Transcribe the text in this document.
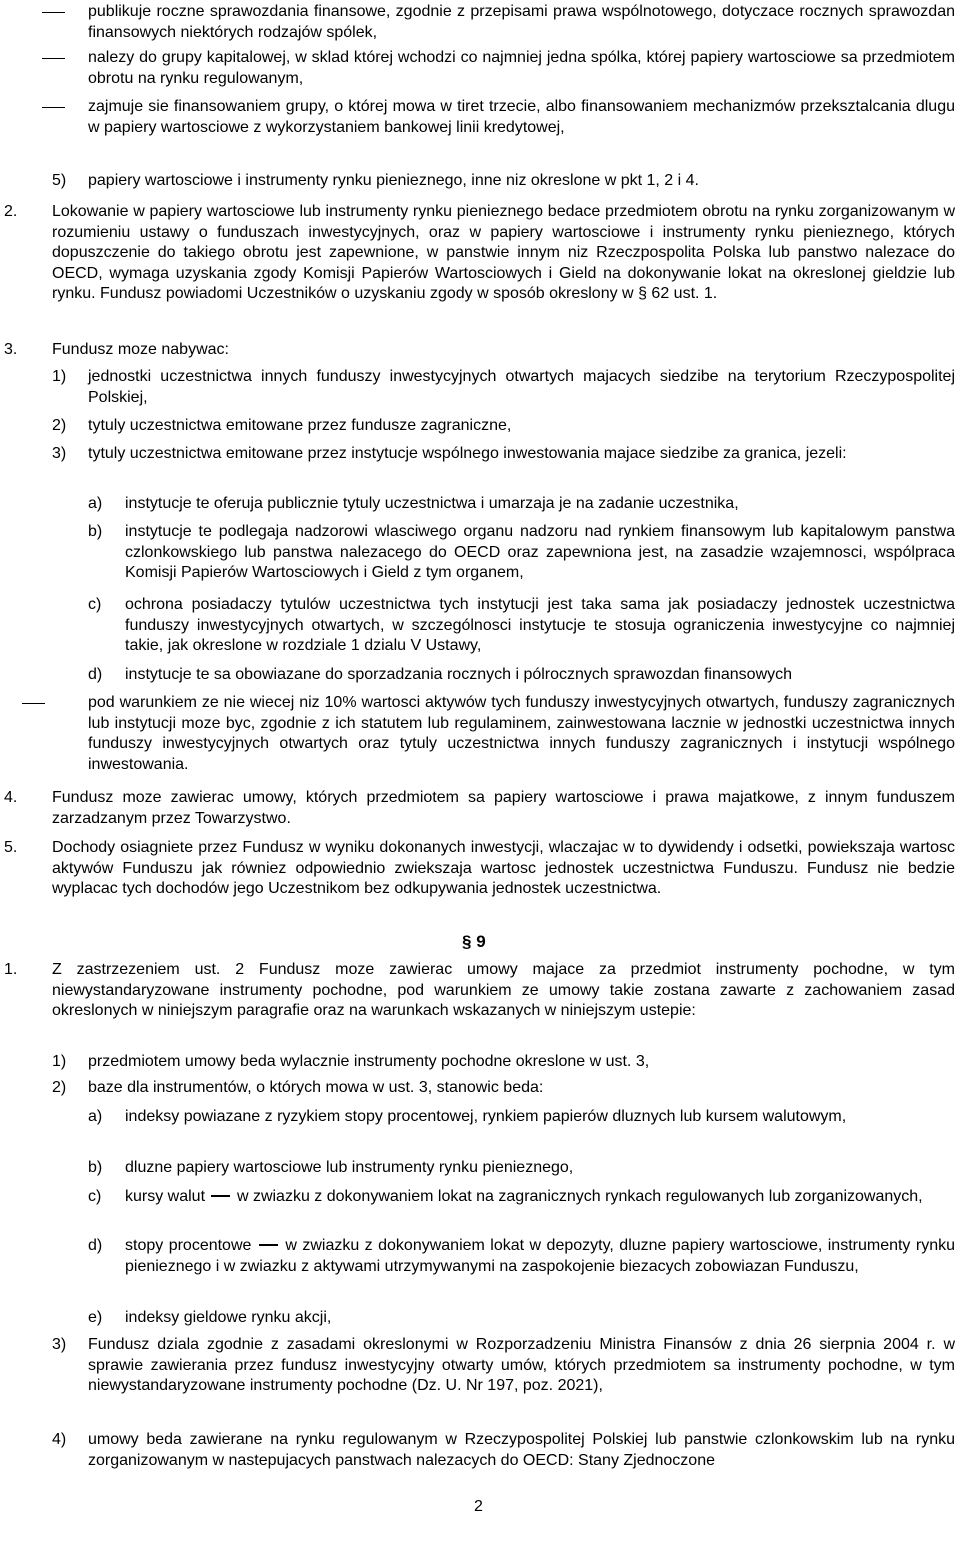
publikuje roczne sprawozdania finansowe, zgodnie z przepisami prawa wspólnotowego, dotyczace rocznych sprawozdan finansowych niektórych rodzajów spólek,
nalezy do grupy kapitalowej, w sklad której wchodzi co najmniej jedna spólka, której papiery wartosciowe sa przedmiotem obrotu na rynku regulowanym,
zajmuje sie finansowaniem grupy, o której mowa w tiret trzecie, albo finansowaniem mechanizmów przeksztalcania dlugu w papiery wartosciowe z wykorzystaniem bankowej linii kredytowej,
5) papiery wartosciowe i instrumenty rynku pienieznego, inne niz okreslone w pkt 1, 2 i 4.
2. Lokowanie w papiery wartosciowe lub instrumenty rynku pienieznego bedace przedmiotem obrotu na rynku zorganizowanym w rozumieniu ustawy o funduszach inwestycyjnych, oraz w papiery wartosciowe i instrumenty rynku pienieznego, których dopuszczenie do takiego obrotu jest zapewnione, w panstwie innym niz Rzeczpospolita Polska lub panstwo nalezace do OECD, wymaga uzyskania zgody Komisji Papierów Wartosciowych i Gield na dokonywanie lokat na okreslonej gieldzie lub rynku. Fundusz powiadomi Uczestników o uzyskaniu zgody w sposób okreslony w § 62 ust. 1.
3. Fundusz moze nabywac:
1) jednostki uczestnictwa innych funduszy inwestycyjnych otwartych majacych siedzibe na terytorium Rzeczypospolitej Polskiej,
2) tytuly uczestnictwa emitowane przez fundusze zagraniczne,
3) tytuly uczestnictwa emitowane przez instytucje wspólnego inwestowania majace siedzibe za granica, jezeli:
a) instytucje te oferuja publicznie tytuly uczestnictwa i umarzaja je na zadanie uczestnika,
b) instytucje te podlegaja nadzorowi wlasciwego organu nadzoru nad rynkiem finansowym lub kapitalowym panstwa czlonkowskiego lub panstwa nalezacego do OECD oraz zapewniona jest, na zasadzie wzajemnosci, wspólpraca Komisji Papierów Wartosciowych i Gield z tym organem,
c) ochrona posiadaczy tytulów uczestnictwa tych instytucji jest taka sama jak posiadaczy jednostek uczestnictwa funduszy inwestycyjnych otwartych, w szczególnosci instytucje te stosuja ograniczenia inwestycyjne co najmniej takie, jak okreslone w rozdziale 1 dzialu V Ustawy,
d) instytucje te sa obowiazane do sporzadzania rocznych i pólrocznych sprawozdan finansowych
pod warunkiem ze nie wiecej niz 10% wartosci aktywów tych funduszy inwestycyjnych otwartych, funduszy zagranicznych lub instytucji moze byc, zgodnie z ich statutem lub regulaminem, zainwestowana lacznie w jednostki uczestnictwa innych funduszy inwestycyjnych otwartych oraz tytuly uczestnictwa innych funduszy zagranicznych i instytucji wspólnego inwestowania.
4. Fundusz moze zawierac umowy, których przedmiotem sa papiery wartosciowe i prawa majatkowe, z innym funduszem zarzadzanym przez Towarzystwo.
5. Dochody osiagniete przez Fundusz w wyniku dokonanych inwestycji, wlaczajac w to dywidendy i odsetki, powiekszaja wartosc aktywów Funduszu jak równiez odpowiednio zwiekszaja wartosc jednostek uczestnictwa Funduszu. Fundusz nie bedzie wyplacac tych dochodów jego Uczestnikom bez odkupywania jednostek uczestnictwa.
§ 9
1. Z zastrzezeniem ust. 2 Fundusz moze zawierac umowy majace za przedmiot instrumenty pochodne, w tym niewystandaryzowane instrumenty pochodne, pod warunkiem ze umowy takie zostana zawarte z zachowaniem zasad okreslonych w niniejszym paragrafie oraz na warunkach wskazanych w niniejszym ustepie:
1) przedmiotem umowy beda wylacznie instrumenty pochodne okreslone w ust. 3,
2) baze dla instrumentów, o których mowa w ust. 3, stanowic beda:
a) indeksy powiazane z ryzykiem stopy procentowej, rynkiem papierów dluznych lub kursem walutowym,
b) dluzne papiery wartosciowe lub instrumenty rynku pienieznego,
c) kursy walut w zwiazku z dokonywaniem lokat na zagranicznych rynkach regulowanych lub zorganizowanych,
d) stopy procentowe w zwiazku z dokonywaniem lokat w depozyty, dluzne papiery wartosciowe, instrumenty rynku pienieznego i w zwiazku z aktywami utrzymywanymi na zaspokojenie biezacych zobowiazan Funduszu,
e) indeksy gieldowe rynku akcji,
3) Fundusz dziala zgodnie z zasadami okreslonymi w Rozporzadzeniu Ministra Finansów z dnia 26 sierpnia 2004 r. w sprawie zawierania przez fundusz inwestycyjny otwarty umów, których przedmiotem sa instrumenty pochodne, w tym niewystandaryzowane instrumenty pochodne (Dz. U. Nr 197, poz. 2021),
4) umowy beda zawierane na rynku regulowanym w Rzeczypospolitej Polskiej lub panstwie czlonkowskim lub na rynku zorganizowanym w nastepujacych panstwach nalezacych do OECD: Stany Zjednoczone
2
